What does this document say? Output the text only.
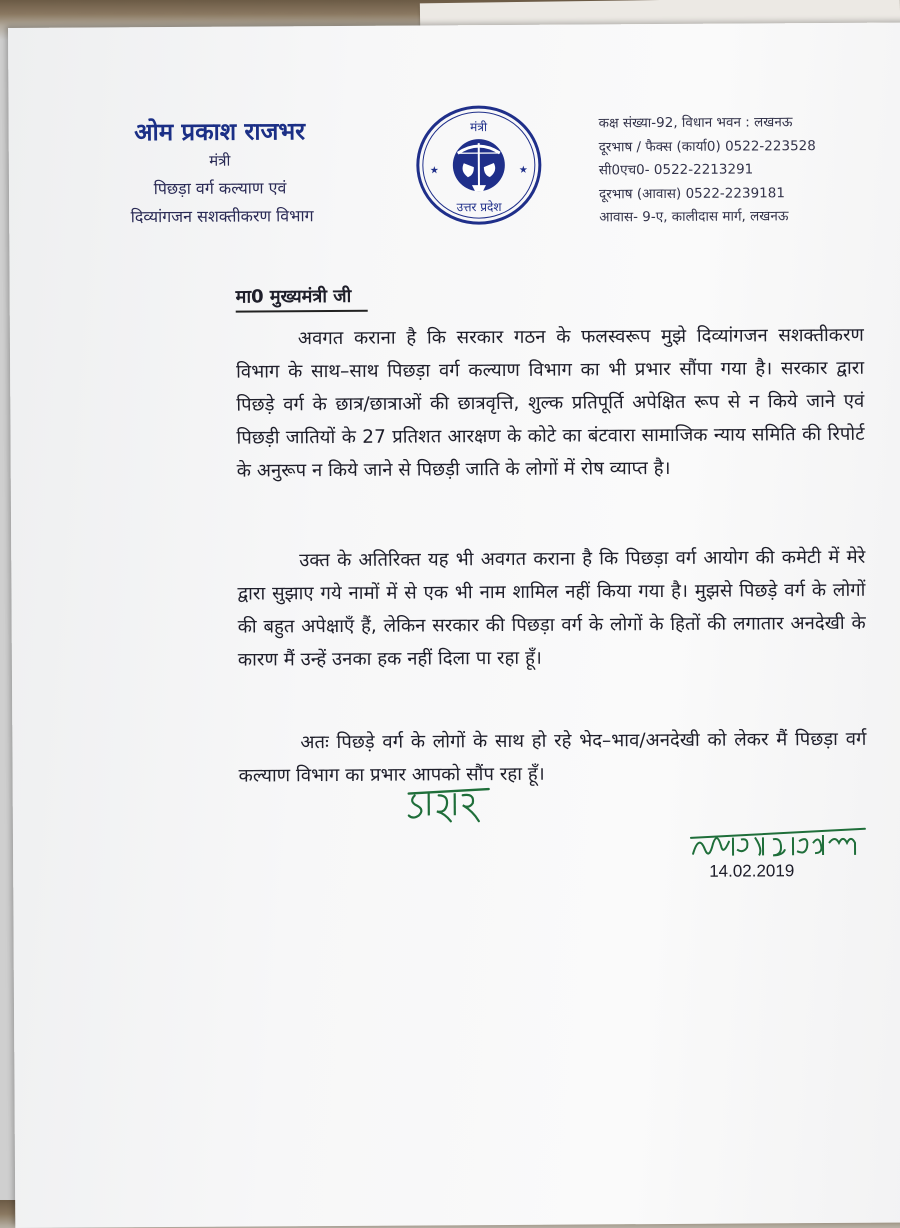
ओम प्रकाश राजभर
मंत्री
पिछड़ा वर्ग कल्याण एवं
दिव्यांगजन सशक्तीकरण विभाग
मंत्री
उत्तर प्रदेश
★	★
कक्ष संख्या-92, विधान भवन : लखनऊ
दूरभाष / फैक्स (कार्या0) 0522-223528
सी0एच0- 0522-2213291
दूरभाष (आवास) 0522-2239181
आवास- 9-ए, कालीदास मार्ग, लखनऊ
मा0 मुख्यमंत्री जी
अवगत कराना है कि सरकार गठन के फलस्वरूप मुझे दिव्यांगजन सशक्तीकरण विभाग के साथ–साथ पिछड़ा वर्ग कल्याण विभाग का भी प्रभार सौंपा गया है। सरकार द्वारा पिछड़े वर्ग के छात्र/छात्राओं की छात्रवृत्ति, शुल्क प्रतिपूर्ति अपेक्षित रूप से न किये जाने एवं पिछड़ी जातियों के 27 प्रतिशत आरक्षण के कोटे का बंटवारा सामाजिक न्याय समिति की रिपोर्ट के अनुरूप न किये जाने से पिछड़ी जाति के लोगों में रोष व्याप्त है।
उक्त के अतिरिक्त यह भी अवगत कराना है कि पिछड़ा वर्ग आयोग की कमेटी में मेरे द्वारा सुझाए गये नामों में से एक भी नाम शामिल नहीं किया गया है। मुझसे पिछड़े वर्ग के लोगों की बहुत अपेक्षाएँ हैं, लेकिन सरकार की पिछड़ा वर्ग के लोगों के हितों की लगातार अनदेखी के कारण मैं उन्हें उनका हक नहीं दिला पा रहा हूँ।
अतः पिछड़े वर्ग के लोगों के साथ हो रहे भेद–भाव/अनदेखी को लेकर मैं पिछड़ा वर्ग कल्याण विभाग का प्रभार आपको सौंप रहा हूँ।
14.02.2019
